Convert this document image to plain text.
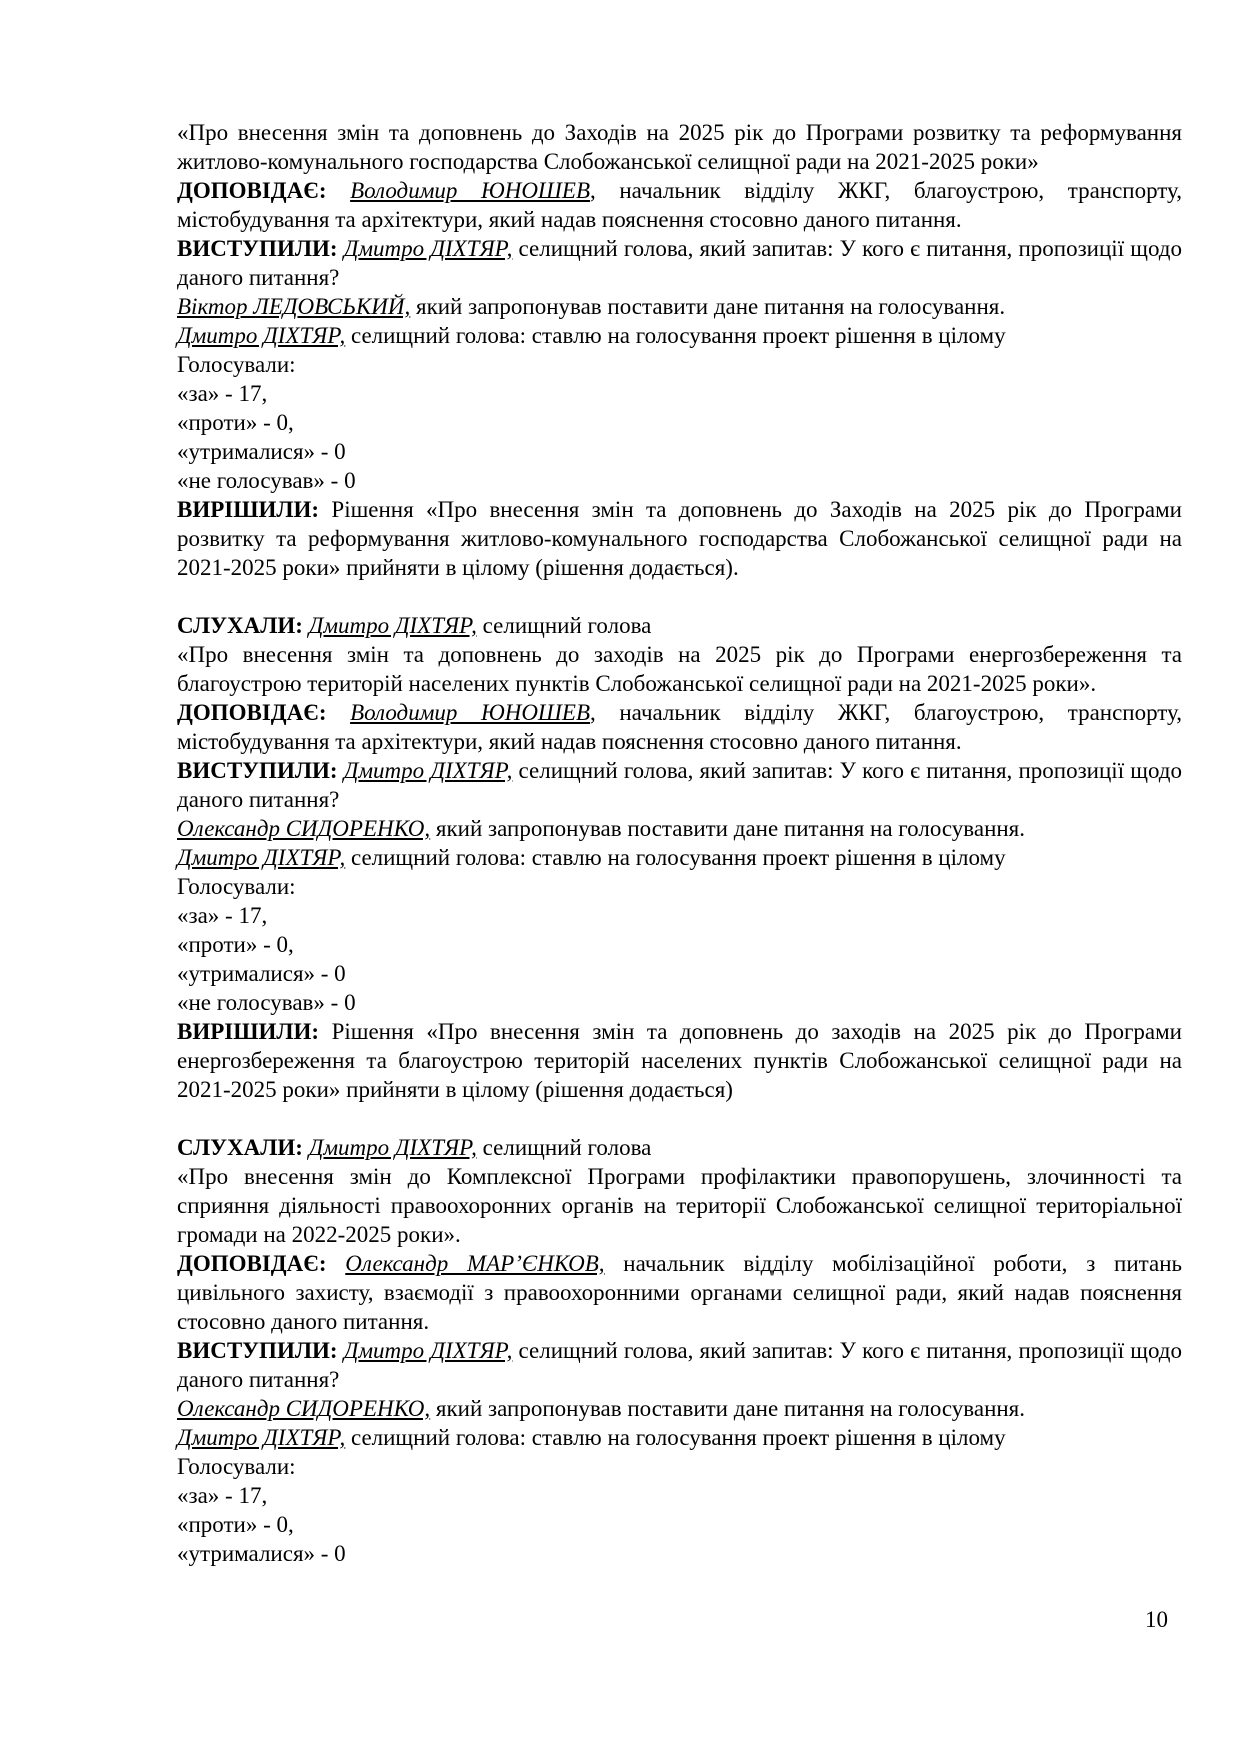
«Про внесення змін та доповнень до Заходів на 2025 рік до Програми розвитку та реформування житлово-комунального господарства Слобожанської селищної ради на 2021-2025 роки»

ДОПОВІДАЄ: Володимир ЮНОШЕВ, начальник відділу ЖКГ, благоустрою, транспорту, містобудування та архітектури, який надав пояснення стосовно даного питання.

ВИСТУПИЛИ: Дмитро ДІХТЯР, селищний голова, який запитав: У кого є питання, пропозиції щодо даного питання?

Віктор ЛЕДОВСЬКИЙ, який запропонував поставити дане питання на голосування.

Дмитро ДІХТЯР, селищний голова: ставлю на голосування проект рішення в цілому

Голосували:

«за» - 17,

«проти» - 0,

«утрималися» - 0

«не голосував» - 0

ВИРІШИЛИ: Рішення «Про внесення змін та доповнень до Заходів на 2025 рік до Програми розвитку та реформування житлово-комунального господарства Слобожанської селищної ради на 2021-2025 роки» прийняти в цілому (рішення додається).

СЛУХАЛИ: Дмитро ДІХТЯР, селищний голова

«Про внесення змін та доповнень до заходів на 2025 рік до Програми енергозбереження та благоустрою територій населених пунктів Слобожанської селищної ради на 2021-2025 роки».

ДОПОВІДАЄ: Володимир ЮНОШЕВ, начальник відділу ЖКГ, благоустрою, транспорту, містобудування та архітектури, який надав пояснення стосовно даного питання.

ВИСТУПИЛИ: Дмитро ДІХТЯР, селищний голова, який запитав: У кого є питання, пропозиції щодо даного питання?

Олександр СИДОРЕНКО, який запропонував поставити дане питання на голосування.

Дмитро ДІХТЯР, селищний голова: ставлю на голосування проект рішення в цілому

Голосували:

«за» - 17,

«проти» - 0,

«утрималися» - 0

«не голосував» - 0

ВИРІШИЛИ: Рішення «Про внесення змін та доповнень до заходів на 2025 рік до Програми енергозбереження та благоустрою територій населених пунктів Слобожанської селищної ради на 2021-2025 роки» прийняти в цілому (рішення додається)

СЛУХАЛИ: Дмитро ДІХТЯР, селищний голова

«Про внесення змін до Комплексної Програми профілактики правопорушень, злочинності та сприяння діяльності правоохоронних органів на території Слобожанської селищної територіальної громади на 2022-2025 роки».

ДОПОВІДАЄ: Олександр МАР’ЄНКОВ, начальник відділу мобілізаційної роботи, з питань цивільного захисту, взаємодії з правоохоронними органами селищної ради, який надав пояснення стосовно даного питання.

ВИСТУПИЛИ: Дмитро ДІХТЯР, селищний голова, який запитав: У кого є питання, пропозиції щодо даного питання?

Олександр СИДОРЕНКО, який запропонував поставити дане питання на голосування.

Дмитро ДІХТЯР, селищний голова: ставлю на голосування проект рішення в цілому

Голосували:

«за» - 17,

«проти» - 0,

«утрималися» - 0

10
